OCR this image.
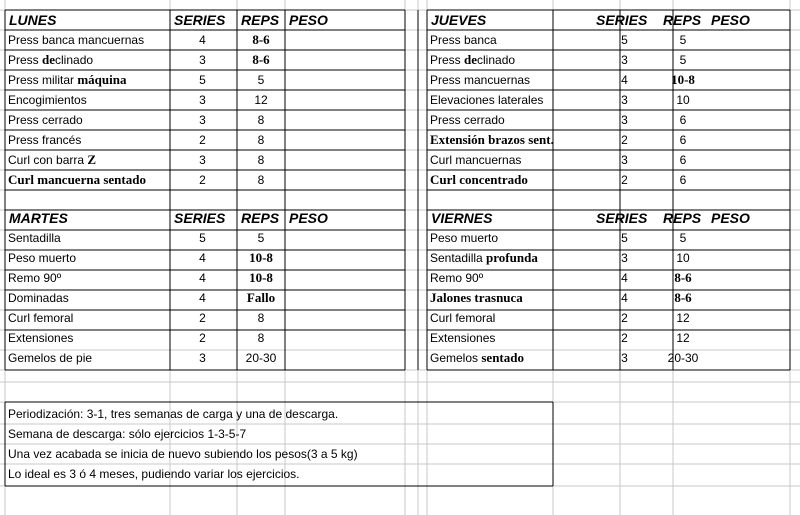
LUNES	SERIES	REPS PESO
Press banca mancuernas	4	8-6
Press declinado	3	8-6
Press militar máquina	5	5
Encogimientos	3	12
Press cerrado	3	8
Press francés	2	8
Curl con barra Z	3	8
Curl mancuerna sentado	2	8
JUEVES	SERIES	REPS PESO
Press banca	5	5
Press declinado	3	5
Press mancuernas	4	10-8
Elevaciones laterales	3	10
Press cerrado	3	6
Extensión brazos sent.	2	6
Curl mancuernas	3	6
Curl concentrado	2	6
MARTES	SERIES	REPS PESO
Sentadilla	5	5
Peso muerto	4	10-8
Remo 90º	4	10-8
Dominadas	4	Fallo
Curl femoral	2	8
Extensiones	2	8
Gemelos de pie	3	20-30
VIERNES	SERIES	REPS PESO
Peso muerto	5	5
Sentadilla profunda	3	10
Remo 90º	4	8-6
Jalones trasnuca	4	8-6
Curl femoral	2	12
Extensiones	2	12
Gemelos sentado	3	20-30
Periodización: 3-1, tres semanas de carga y una de descarga.
Semana de descarga: sólo ejercicios 1-3-5-7
Una vez acabada se inicia de nuevo subiendo los pesos(3 a 5 kg)
Lo ideal es 3 ó 4 meses, pudiendo variar los ejercicios.
